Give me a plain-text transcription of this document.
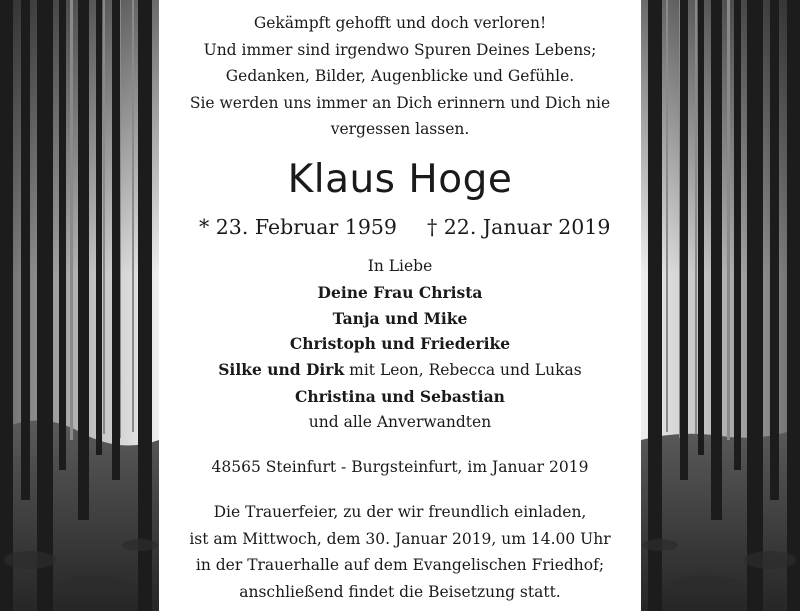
Gekämpft gehofft und doch verloren!

Und immer sind irgendwo Spuren Deines Lebens;

Gedanken, Bilder, Augenblicke und Gefühle.

Sie werden uns immer an Dich erinnern und Dich nie

vergessen lassen.

Klaus Hoge
* 23. Februar 1959 † 22. Januar 2019
In Liebe
Deine Frau Christa
Tanja und Mike
Christoph und Friederike
Silke und Dirk mit Leon, Rebecca und Lukas
Christina und Sebastian
und alle Anverwandten
48565 Steinfurt - Burgsteinfurt, im Januar 2019

Die Trauerfeier, zu der wir freundlich einladen,

ist am Mittwoch, dem 30. Januar 2019, um 14.00 Uhr

in der Trauerhalle auf dem Evangelischen Friedhof;

anschließend findet die Beisetzung statt.
